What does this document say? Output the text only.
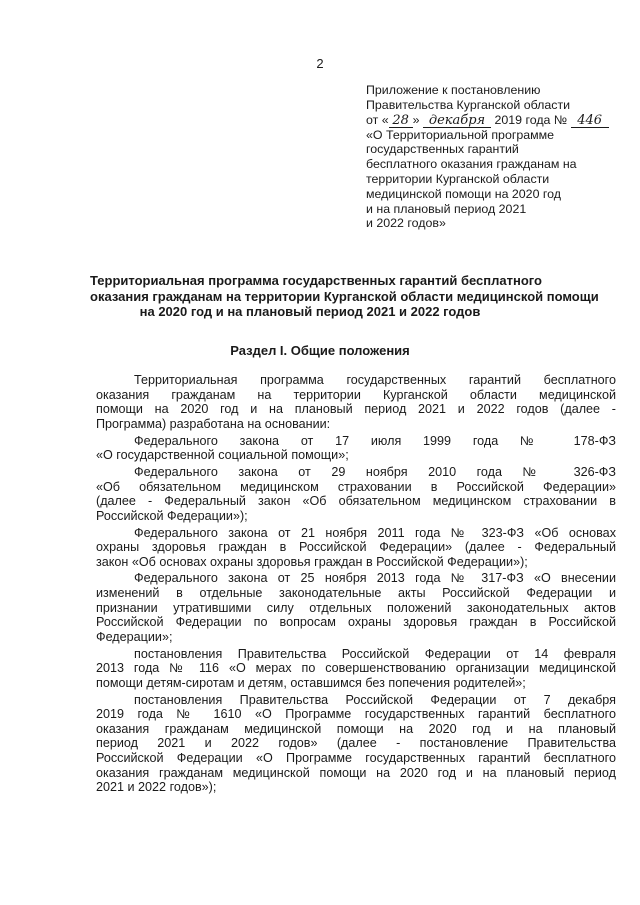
2
Приложение к постановлению
Правительства Курганской области
от « 28 » декабря 2019 года № 446
«О Территориальной программе
государственных гарантий
бесплатного оказания гражданам на
территории Курганской области
медицинской помощи на 2020 год
и на плановый период 2021
и 2022 годов»
Территориальная программа государственных гарантий бесплатного
оказания гражданам на территории Курганской области медицинской помощи
на 2020 год и на плановый период 2021 и 2022 годов
Раздел I. Общие положения
Территориальная программа государственных гарантий бесплатного
оказания гражданам на территории Курганской области медицинской
помощи на 2020 год и на плановый период 2021 и 2022 годов (далее -
Программа) разработана на основании:
Федерального закона от 17 июля 1999 года № 178-ФЗ
«О государственной социальной помощи»;
Федерального закона от 29 ноября 2010 года № 326-ФЗ
«Об обязательном медицинском страховании в Российской Федерации»
(далее - Федеральный закон «Об обязательном медицинском страховании в
Российской Федерации»);
Федерального закона от 21 ноября 2011 года № 323-ФЗ «Об основах
охраны здоровья граждан в Российской Федерации» (далее - Федеральный
закон «Об основах охраны здоровья граждан в Российской Федерации»);
Федерального закона от 25 ноября 2013 года № 317-ФЗ «О внесении
изменений в отдельные законодательные акты Российской Федерации и
признании утратившими силу отдельных положений законодательных актов
Российской Федерации по вопросам охраны здоровья граждан в Российской
Федерации»;
постановления Правительства Российской Федерации от 14 февраля
2013 года № 116 «О мерах по совершенствованию организации медицинской
помощи детям-сиротам и детям, оставшимся без попечения родителей»;
постановления Правительства Российской Федерации от 7 декабря
2019 года № 1610 «О Программе государственных гарантий бесплатного
оказания гражданам медицинской помощи на 2020 год и на плановый
период 2021 и 2022 годов» (далее - постановление Правительства
Российской Федерации «О Программе государственных гарантий бесплатного
оказания гражданам медицинской помощи на 2020 год и на плановый период
2021 и 2022 годов»);
